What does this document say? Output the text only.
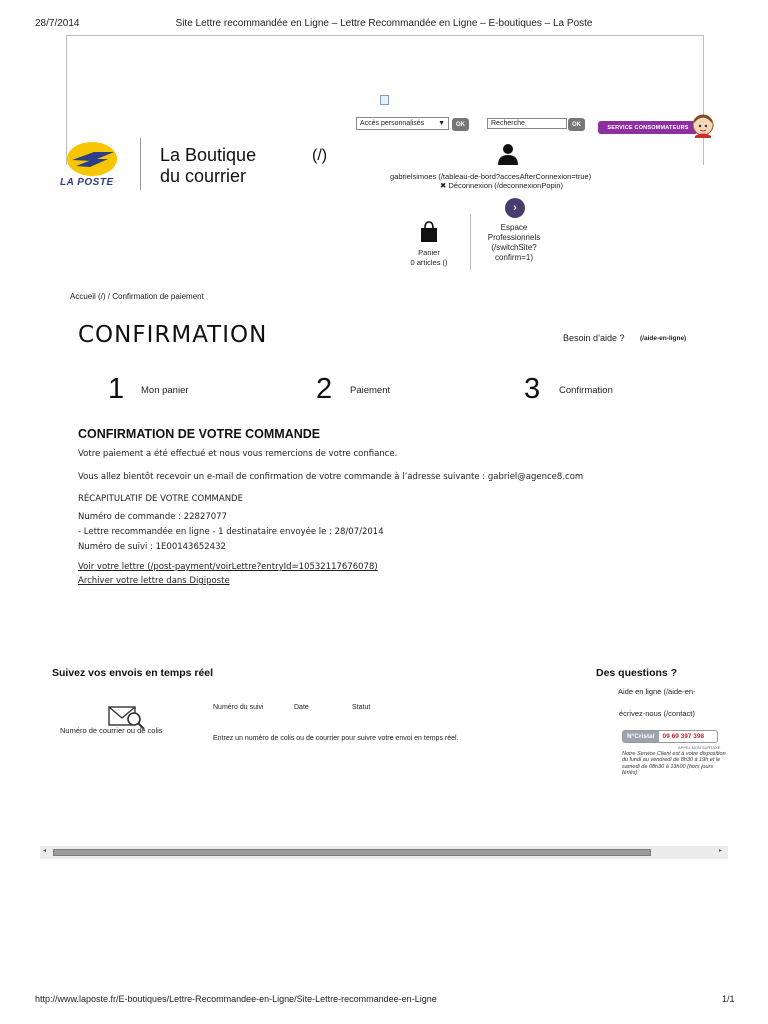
28/7/2014	Site Lettre recommandée en Ligne – Lettre Recommandée en Ligne – E-boutiques – La Poste
Accès personnalisés ▼	OK	Recherche	OK	SERVICE CONSOMMATEURS
LA POSTE
La Boutique
du courrier
(/)
gabrielsimoes (/tableau-de-bord?accesAfterConnexion=true)
✖ Déconnexion (/deconnexionPopin)
›
Espace
Professionnels
(/switchSite?
confirm=1)
Panier
0 articles ()
Accueil (/) / Confirmation de paiement
CONFIRMATION	Besoin d’aide ? (/aide-en-ligne)
1 Mon panier	2 Paiement	3 Confirmation
CONFIRMATION DE VOTRE COMMANDE
Votre paiement a été effectué et nous vous remercions de votre confiance.
Vous allez bientôt recevoir un e-mail de confirmation de votre commande à l’adresse suivante : gabriel@agence8.com
RÉCAPITULATIF DE VOTRE COMMANDE
Numéro de commande : 22827077
- Lettre recommandée en ligne - 1 destinataire envoyée le : 28/07/2014
Numéro de suivi : 1E00143652432
Voir votre lettre (/post-payment/voirLettre?entryId=10532117676078)
Archiver votre lettre dans Digiposte
Suivez vos envois en temps réel
Numéro de courrier ou de colis
Numéro du suivi	Date	Statut
Entrez un numéro de colis ou de courrier pour suivre votre envoi en temps réel.
Des questions ?
Aide en ligne (/aide-en-
écrivez-nous (/contact)
N°Cristal	09 69 397 398
APPEL NON SURTAXÉ
Notre Service Client est à votre disposition du lundi au vendredi de 8h30 à 19h et le samedi de 08h30 à 13h00 (hors jours fériés)
◂	▸
http://www.laposte.fr/E-boutiques/Lettre-Recommandee-en-Ligne/Site-Lettre-recommandee-en-Ligne	1/1
